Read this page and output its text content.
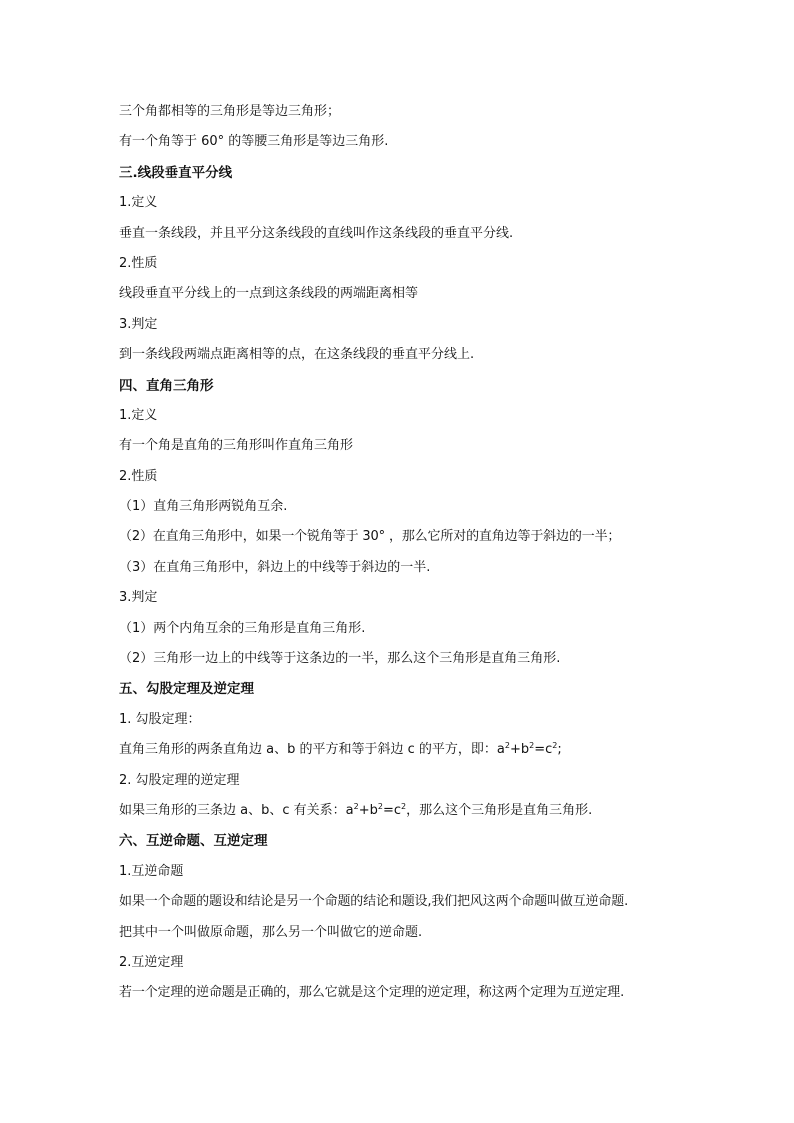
三个角都相等的三角形是等边三角形；
有一个角等于 60° 的等腰三角形是等边三角形.
三.线段垂直平分线
1.定义
垂直一条线段，并且平分这条线段的直线叫作这条线段的垂直平分线.
2.性质
线段垂直平分线上的一点到这条线段的两端距离相等
3.判定
到一条线段两端点距离相等的点，在这条线段的垂直平分线上.
四、直角三角形
1.定义
有一个角是直角的三角形叫作直角三角形
2.性质
（1）直角三角形两锐角互余.
（2）在直角三角形中，如果一个锐角等于 30° ，那么它所对的直角边等于斜边的一半；
（3）在直角三角形中，斜边上的中线等于斜边的一半.
3.判定
（1）两个内角互余的三角形是直角三角形.
（2）三角形一边上的中线等于这条边的一半，那么这个三角形是直角三角形.
五、勾股定理及逆定理
1. 勾股定理：
直角三角形的两条直角边 a、b 的平方和等于斜边 c 的平方，即：$a^2+b^2=c^2$;
2. 勾股定理的逆定理
如果三角形的三条边 a、b、c 有关系：$a^2+b^2=c^2$，那么这个三角形是直角三角形.
六、互逆命题、互逆定理
1.互逆命题
如果一个命题的题设和结论是另一个命题的结论和题设,我们把风这两个命题叫做互逆命题.
把其中一个叫做原命题，那么另一个叫做它的逆命题.
2.互逆定理
若一个定理的逆命题是正确的，那么它就是这个定理的逆定理，称这两个定理为互逆定理.
